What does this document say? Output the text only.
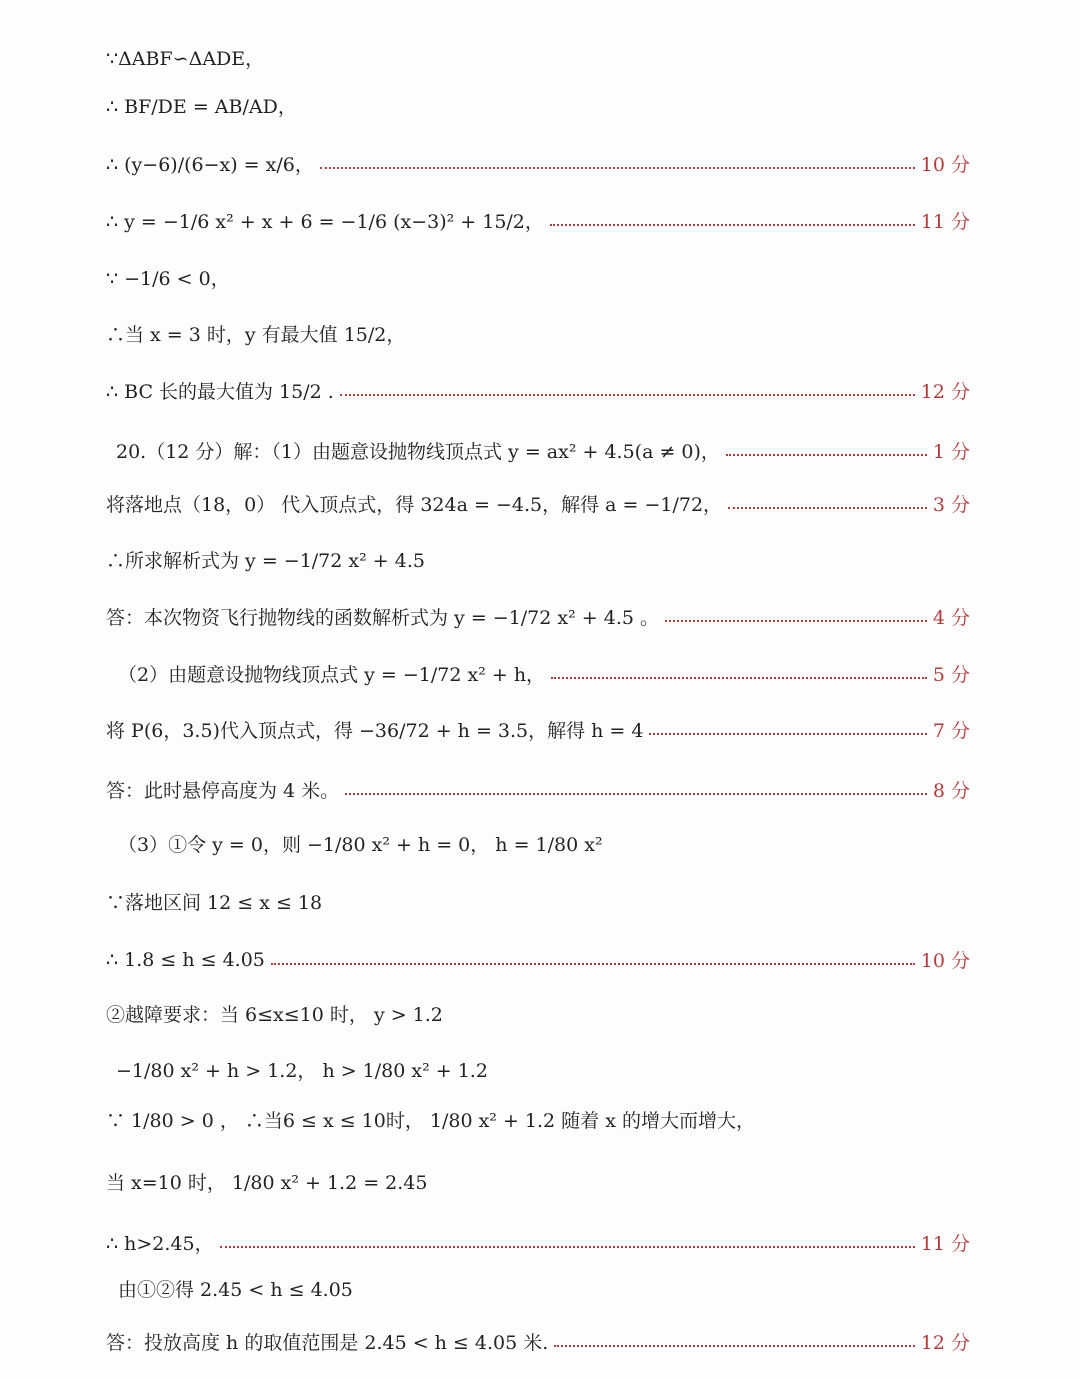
∵ΔABF∽ΔADE，
∴ BF/DE = AB/AD，
∴ (y−6)/(6−x) = x/6，	10 分
∴ y = −1/6 x² + x + 6 = −1/6 (x−3)² + 15/2，	11 分
∵ −1/6 < 0，
∴当 x = 3 时，y 有最大值 15/2，
∴ BC 长的最大值为 15/2 .	12 分
20.（12 分）解：（1）由题意设抛物线顶点式 y = ax² + 4.5(a ≠ 0)，	1 分
将落地点（18，0） 代入顶点式，得 324a = −4.5，解得 a = −1/72，	3 分
∴所求解析式为 y = −1/72 x² + 4.5
答：本次物资飞行抛物线的函数解析式为 y = −1/72 x² + 4.5 。	4 分
（2）由题意设抛物线顶点式 y = −1/72 x² + h，	5 分
将 P(6，3.5)代入顶点式，得 −36/72 + h = 3.5，解得 h = 4	7 分
答：此时悬停高度为 4 米。	8 分
（3）①令 y = 0，则 −1/80 x² + h = 0， h = 1/80 x²
∵落地区间 12 ≤ x ≤ 18
∴ 1.8 ≤ h ≤ 4.05	10 分
②越障要求：当 6≤x≤10 时， y > 1.2
−1/80 x² + h > 1.2， h > 1/80 x² + 1.2
∵ 1/80 > 0 ， ∴当6 ≤ x ≤ 10时， 1/80 x² + 1.2 随着 x 的增大而增大，
当 x=10 时， 1/80 x² + 1.2 = 2.45
∴ h>2.45，	11 分
由①②得 2.45 < h ≤ 4.05
答：投放高度 h 的取值范围是 2.45 < h ≤ 4.05 米.	12 分
